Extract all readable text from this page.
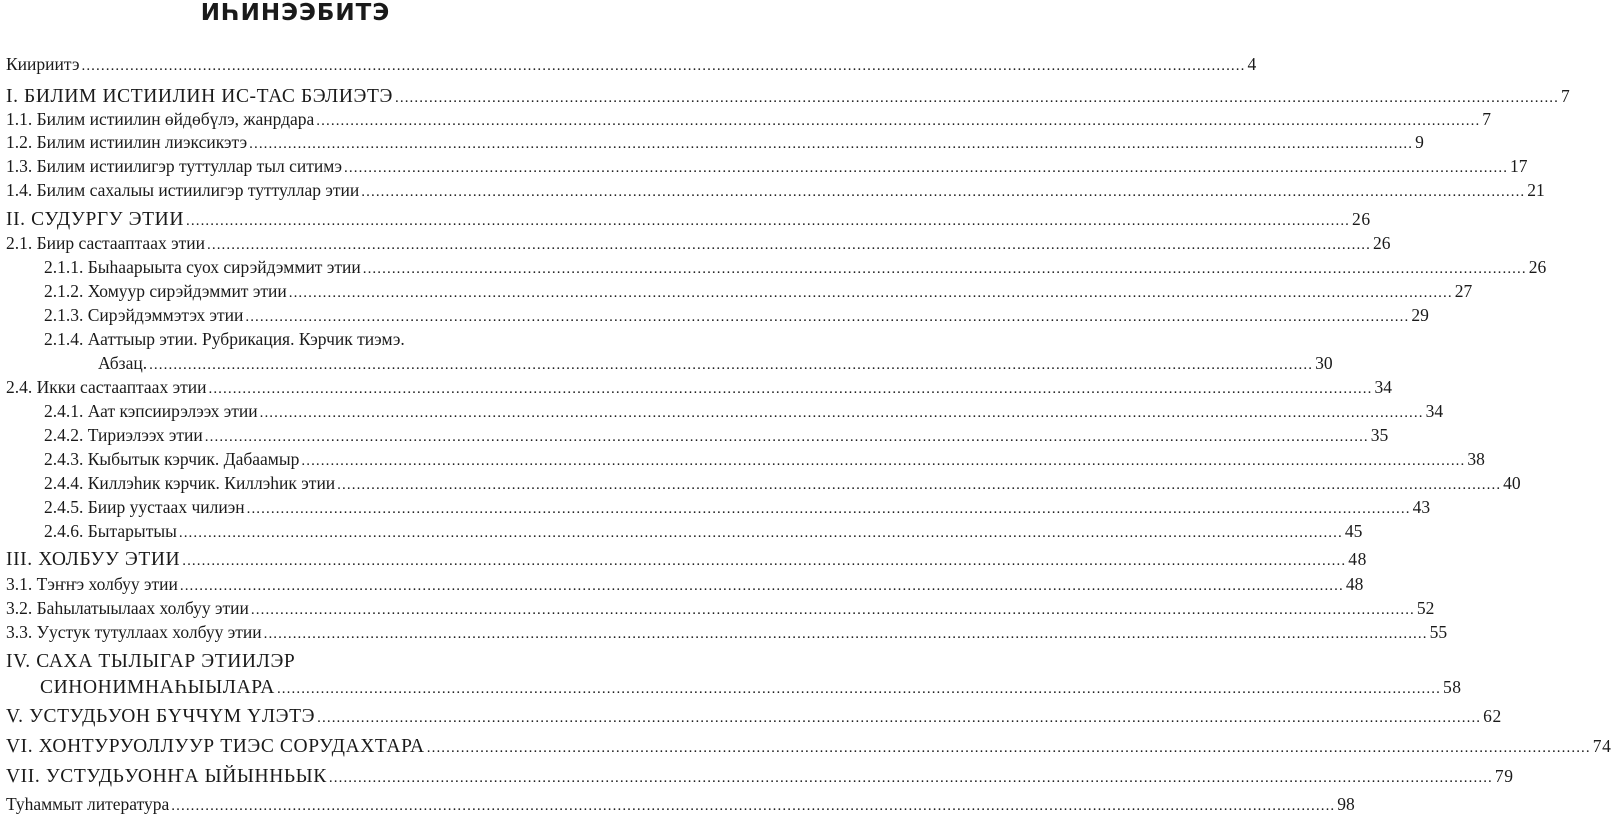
ИҺИНЭЭБИТЭ
Киириитэ ................................................................................................................................................................................................................................................ 4
I. БИЛИМ ИСТИИЛИН ИС-ТАС БЭЛИЭТЭ ................................................................................................................................................................................................................................................ 7
1.1. Билим истиилин өйдөбүлэ, жанрдара ................................................................................................................................................................................................................................................ 7
1.2. Билим истиилин лиэксикэтэ ................................................................................................................................................................................................................................................ 9
1.3. Билим истиилигэр туттуллар тыл ситимэ ................................................................................................................................................................................................................................................ 17
1.4. Билим сахалыы истиилигэр туттуллар этии ................................................................................................................................................................................................................................................ 21
II. СУДУРГУ ЭТИИ ................................................................................................................................................................................................................................................ 26
2.1. Биир састааптаах этии ................................................................................................................................................................................................................................................ 26
2.1.1. Быһаарыыта суох сирэйдэммит этии ................................................................................................................................................................................................................................................ 26
2.1.2. Хомуур сирэйдэммит этии ................................................................................................................................................................................................................................................ 27
2.1.3. Сирэйдэммэтэх этии ................................................................................................................................................................................................................................................ 29
2.1.4. Ааттыыр этии. Рубрикация. Кэрчик тиэмэ.
Абзац. ................................................................................................................................................................................................................................................ 30
2.4. Икки састааптаах этии ................................................................................................................................................................................................................................................ 34
2.4.1. Аат кэпсиирэлээх этии ................................................................................................................................................................................................................................................ 34
2.4.2. Тириэлээх этии ................................................................................................................................................................................................................................................ 35
2.4.3. Кыбытык кэрчик. Дабаамыр ................................................................................................................................................................................................................................................ 38
2.4.4. Киллэһик кэрчик. Киллэһик этии ................................................................................................................................................................................................................................................ 40
2.4.5. Биир уустаах чилиэн ................................................................................................................................................................................................................................................ 43
2.4.6. Бытарытыы ................................................................................................................................................................................................................................................ 45
III. ХОЛБУУ ЭТИИ ................................................................................................................................................................................................................................................ 48
3.1. Тэҥҥэ холбуу этии ................................................................................................................................................................................................................................................ 48
3.2. Баһылатыылаах холбуу этии ................................................................................................................................................................................................................................................ 52
3.3. Уустук тутуллаах холбуу этии ................................................................................................................................................................................................................................................ 55
IV. САХА ТЫЛЫГАР ЭТИИЛЭР
СИНОНИМНАҺЫЫЛАРА ................................................................................................................................................................................................................................................ 58
V. УСТУДЬУОН БҮЧЧҮМ ҮЛЭТЭ ................................................................................................................................................................................................................................................ 62
VI. ХОНТУРУОЛЛУУР ТИЭС СОРУДАХТАРА ................................................................................................................................................................................................................................................ 74
VII. УСТУДЬУОНҤА ЫЙЫННЬЫК ................................................................................................................................................................................................................................................ 79
Туһаммыт литература ................................................................................................................................................................................................................................................ 98
